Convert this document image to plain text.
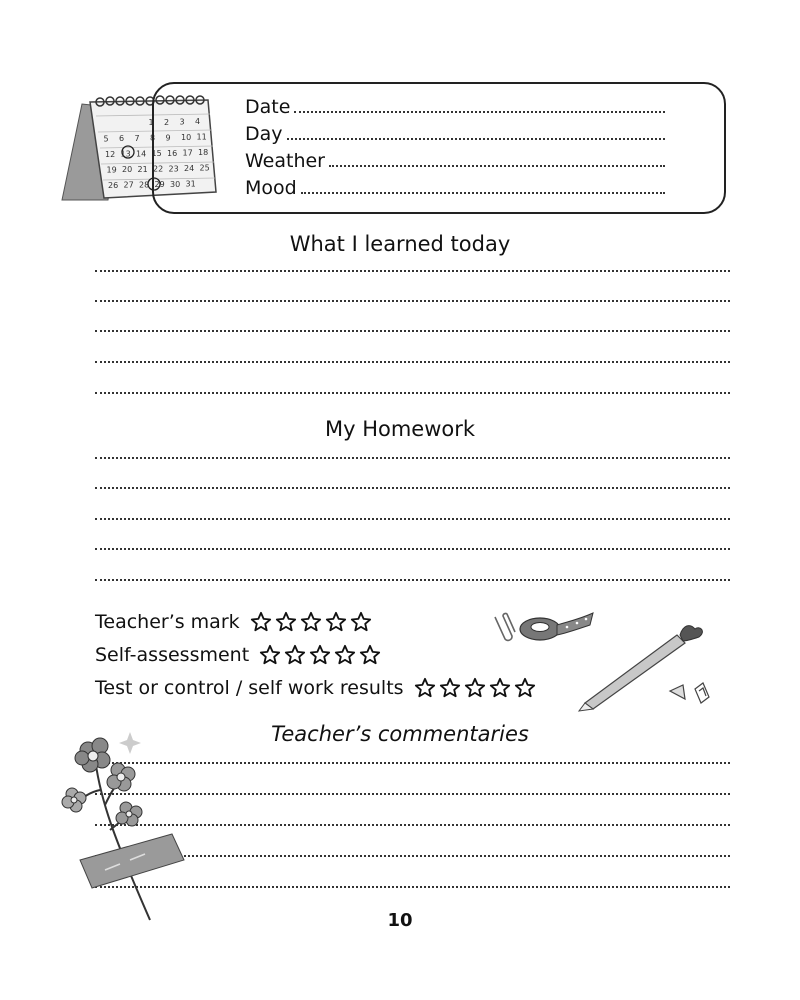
1 2 3 4
5 6 7 8 9 10 11
12 13 14 15 16 17 18
19 20 21 22 23 24 25
26 27 28 29 30 31
Date
Day
Weather
Mood
What I learned today
My Homework
Teacher’s mark
Self-assessment
Test or control / self work results
Teacher’s commentaries
10
